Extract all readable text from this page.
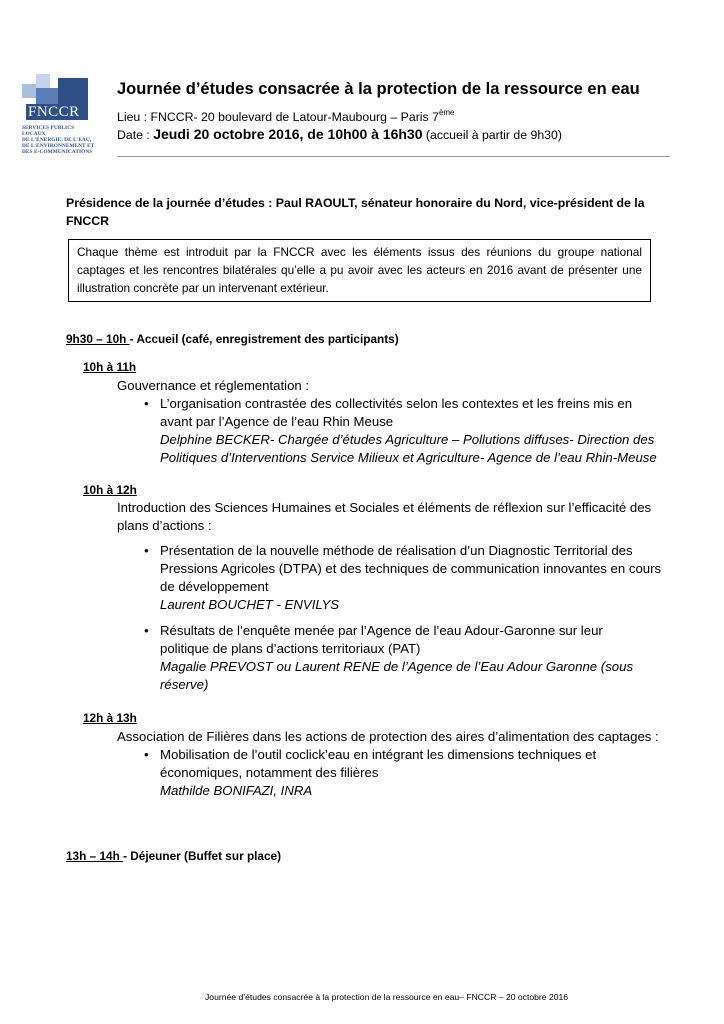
FNCCR
SERVICES PUBLICS LOCAUX
DE L'ÉNERGIE, DE L'EAU,
DE L'ENVIRONNEMENT ET
DES E-COMMUNICATIONS
Journée d’études consacrée à la protection de la ressource en eau
Lieu : FNCCR- 20 boulevard de Latour-Maubourg – Paris 7ème
Date : Jeudi 20 octobre 2016, de 10h00 à 16h30 (accueil à partir de 9h30)
Présidence de la journée d’études : Paul RAOULT, sénateur honoraire du Nord, vice-président de la FNCCR
Chaque thème est introduit par la FNCCR avec les éléments issus des réunions du groupe national captages et les rencontres bilatérales qu’elle a pu avoir avec les acteurs en 2016 avant de présenter une illustration concrète par un intervenant extérieur.
9h30 – 10h - Accueil (café, enregistrement des participants)
10h à 11h
Gouvernance et réglementation :
• L’organisation contrastée des collectivités selon les contextes et les freins mis en
avant par l’Agence de l’eau Rhin Meuse
Delphine BECKER- Chargée d’études Agriculture – Pollutions diffuses- Direction des
Politiques d’Interventions Service Milieux et Agriculture- Agence de l’eau Rhin-Meuse
10h à 12h
Introduction des Sciences Humaines et Sociales et éléments de réflexion sur l’efficacité des
plans d’actions :
• Présentation de la nouvelle méthode de réalisation d’un Diagnostic Territorial des
Pressions Agricoles (DTPA) et des techniques de communication innovantes en cours
de développement
Laurent BOUCHET - ENVILYS
• Résultats de l’enquête menée par l’Agence de l’eau Adour-Garonne sur leur
politique de plans d’actions territoriaux (PAT)
Magalie PREVOST ou Laurent RENE de l’Agence de l’Eau Adour Garonne (sous
réserve)
12h à 13h
Association de Filières dans les actions de protection des aires d’alimentation des captages :
• Mobilisation de l’outil coclick’eau en intégrant les dimensions techniques et
économiques, notamment des filières
Mathilde BONIFAZI, INRA
13h – 14h - Déjeuner (Buffet sur place)
Journée d’études consacrée à la protection de la ressource en eau– FNCCR – 20 octobre 2016
